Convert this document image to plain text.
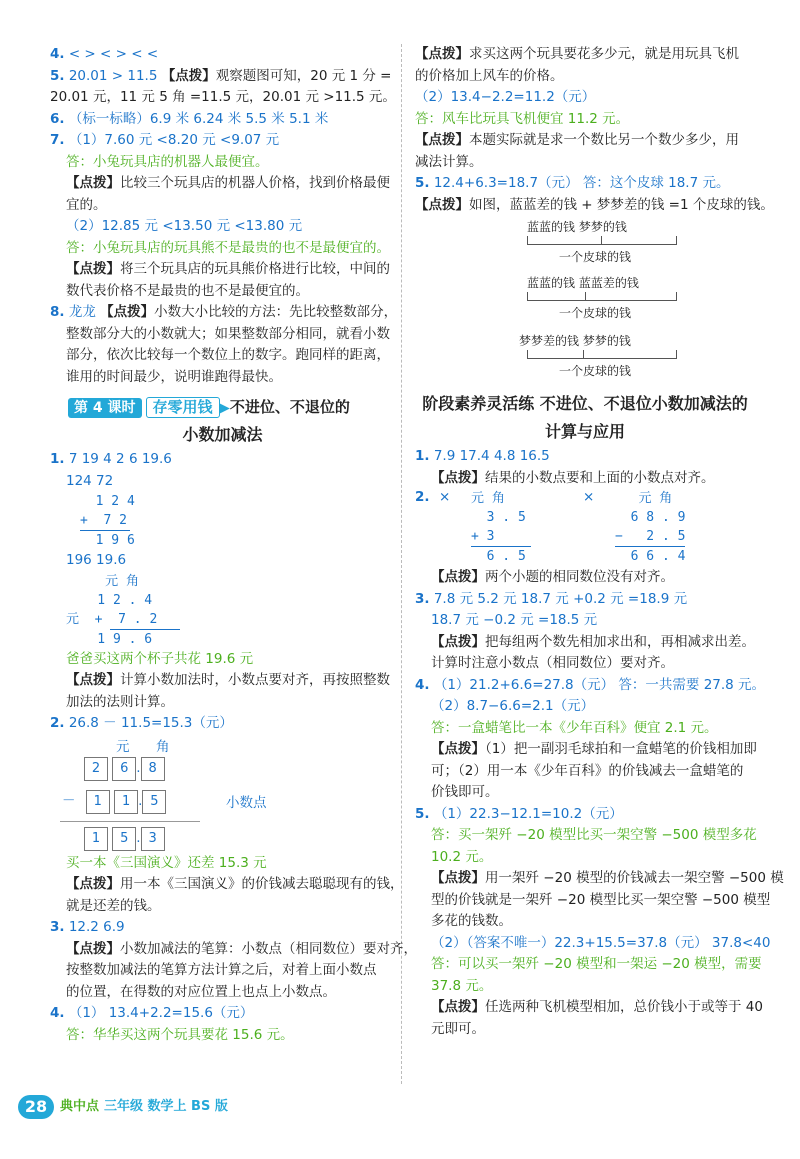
4. < > < > < <
5. 20.01 > 11.5 【点拨】观察题图可知，20 元 1 分 =
20.01 元，11 元 5 角 =11.5 元，20.01 元 >11.5 元。
6. （标一标略）6.9 米 6.24 米 5.5 米 5.1 米
7. （1）7.60 元 <8.20 元 <9.07 元
答：小兔玩具店的机器人最便宜。
【点拨】比较三个玩具店的机器人价格，找到价格最便
宜的。
（2）12.85 元 <13.50 元 <13.80 元
答：小兔玩具店的玩具熊不是最贵的也不是最便宜的。
【点拨】将三个玩具店的玩具熊价格进行比较，中间的
数代表价格不是最贵的也不是最便宜的。
8. 龙龙 【点拨】小数大小比较的方法：先比较整数部分，
整数部分大的小数就大；如果整数部分相同，就看小数
部分，依次比较每一个数位上的数字。跑同样的距离，
谁用的时间最少，说明谁跑得最快。
第 4 课时 存零用钱 ▶不进位、不退位的
小数加减法
1. 7 19 4 2 6 19.6
124 72
1 2 4
+  7 2
1 9 6
196 19.6
元 角
1 2 . 4
元  +  7 . 2
1 9 . 6
爸爸买这两个杯子共花 19.6 元
【点拨】计算小数加法时，小数点要对齐，再按照整数
加法的法则计算。
2. 26.8 － 11.5=15.3（元）
元 角
2 6 . 8
－ 1 1 . 5	小数点
1 5 . 3
买一本《三国演义》还差 15.3 元
【点拨】用一本《三国演义》的价钱减去聪聪现有的钱，
就是还差的钱。
3. 12.2 6.9
【点拨】小数加减法的笔算：小数点（相同数位）要对齐，
按整数加减法的笔算方法计算之后，对着上面小数点
的位置，在得数的对应位置上也点上小数点。
4. （1） 13.4+2.2=15.6（元）
答：华华买这两个玩具要花 15.6 元。
【点拨】求买这两个玩具要花多少元，就是用玩具飞机
的价格加上风车的价格。
（2）13.4−2.2=11.2（元）
答：风车比玩具飞机便宜 11.2 元。
【点拨】本题实际就是求一个数比另一个数少多少，用
减法计算。
5. 12.4+6.3=18.7（元） 答：这个皮球 18.7 元。
【点拨】如图，蓝蓝差的钱 + 梦梦差的钱 =1 个皮球的钱。
蓝蓝的钱 梦梦的钱
一个皮球的钱
蓝蓝的钱 蓝蓝差的钱
一个皮球的钱
梦梦差的钱 梦梦的钱
一个皮球的钱
阶段素养灵活练 不进位、不退位小数加减法的
计算与应用
1. 7.9 17.4 4.8 16.5
【点拨】结果的小数点要和上面的小数点对齐。
2. × 元 角
3 . 5
+ 3
6 . 5
× 元 角
6 8 . 9
−   2 . 5
6 6 . 4
【点拨】两个小题的相同数位没有对齐。
3. 7.8 元 5.2 元 18.7 元 +0.2 元 =18.9 元
18.7 元 −0.2 元 =18.5 元
【点拨】把每组两个数先相加求出和，再相减求出差。
计算时注意小数点（相同数位）要对齐。
4. （1）21.2+6.6=27.8（元） 答：一共需要 27.8 元。
（2）8.7−6.6=2.1（元）
答：一盒蜡笔比一本《少年百科》便宜 2.1 元。
【点拨】（1）把一副羽毛球拍和一盒蜡笔的价钱相加即
可；（2）用一本《少年百科》的价钱减去一盒蜡笔的
价钱即可。
5. （1）22.3−12.1=10.2（元）
答：买一架歼 −20 模型比买一架空警 −500 模型多花
10.2 元。
【点拨】用一架歼 −20 模型的价钱减去一架空警 −500 模
型的价钱就是一架歼 −20 模型比买一架空警 −500 模型
多花的钱数。
（2）（答案不唯一）22.3+15.5=37.8（元） 37.8<40
答：可以买一架歼 −20 模型和一架运 −20 模型，需要
37.8 元。
【点拨】任选两种飞机模型相加，总价钱小于或等于 40
元即可。
28 典中点 三年级 数学上 BS 版
